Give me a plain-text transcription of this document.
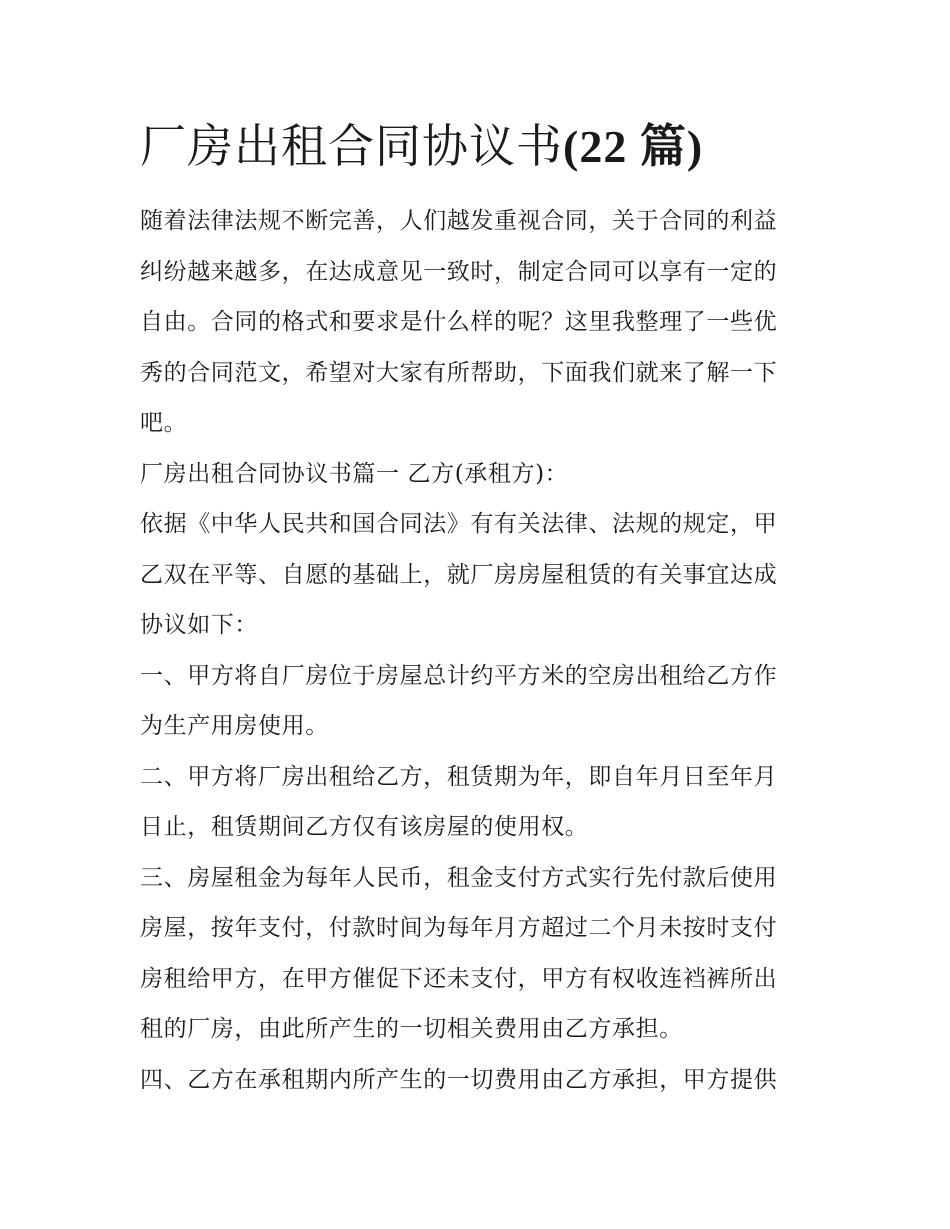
厂房出租合同协议书(22 篇)

随着法律法规不断完善，人们越发重视合同，关于合同的利益
纠纷越来越多，在达成意见一致时，制定合同可以享有一定的
自由。合同的格式和要求是什么样的呢？这里我整理了一些优
秀的合同范文，希望对大家有所帮助，下面我们就来了解一下
吧。

厂房出租合同协议书篇一 乙方(承租方)：

依据《中华人民共和国合同法》有有关法律、法规的规定，甲
乙双在平等、自愿的基础上，就厂房房屋租赁的有关事宜达成
协议如下：

一、甲方将自厂房位于房屋总计约平方米的空房出租给乙方作
为生产用房使用。

二、甲方将厂房出租给乙方，租赁期为年，即自年月日至年月
日止，租赁期间乙方仅有该房屋的使用权。

三、房屋租金为每年人民币，租金支付方式实行先付款后使用
房屋，按年支付，付款时间为每年月方超过二个月未按时支付
房租给甲方，在甲方催促下还未支付，甲方有权收连裆裤所出
租的厂房，由此所产生的一切相关费用由乙方承担。

四、乙方在承租期内所产生的一切费用由乙方承担，甲方提供
